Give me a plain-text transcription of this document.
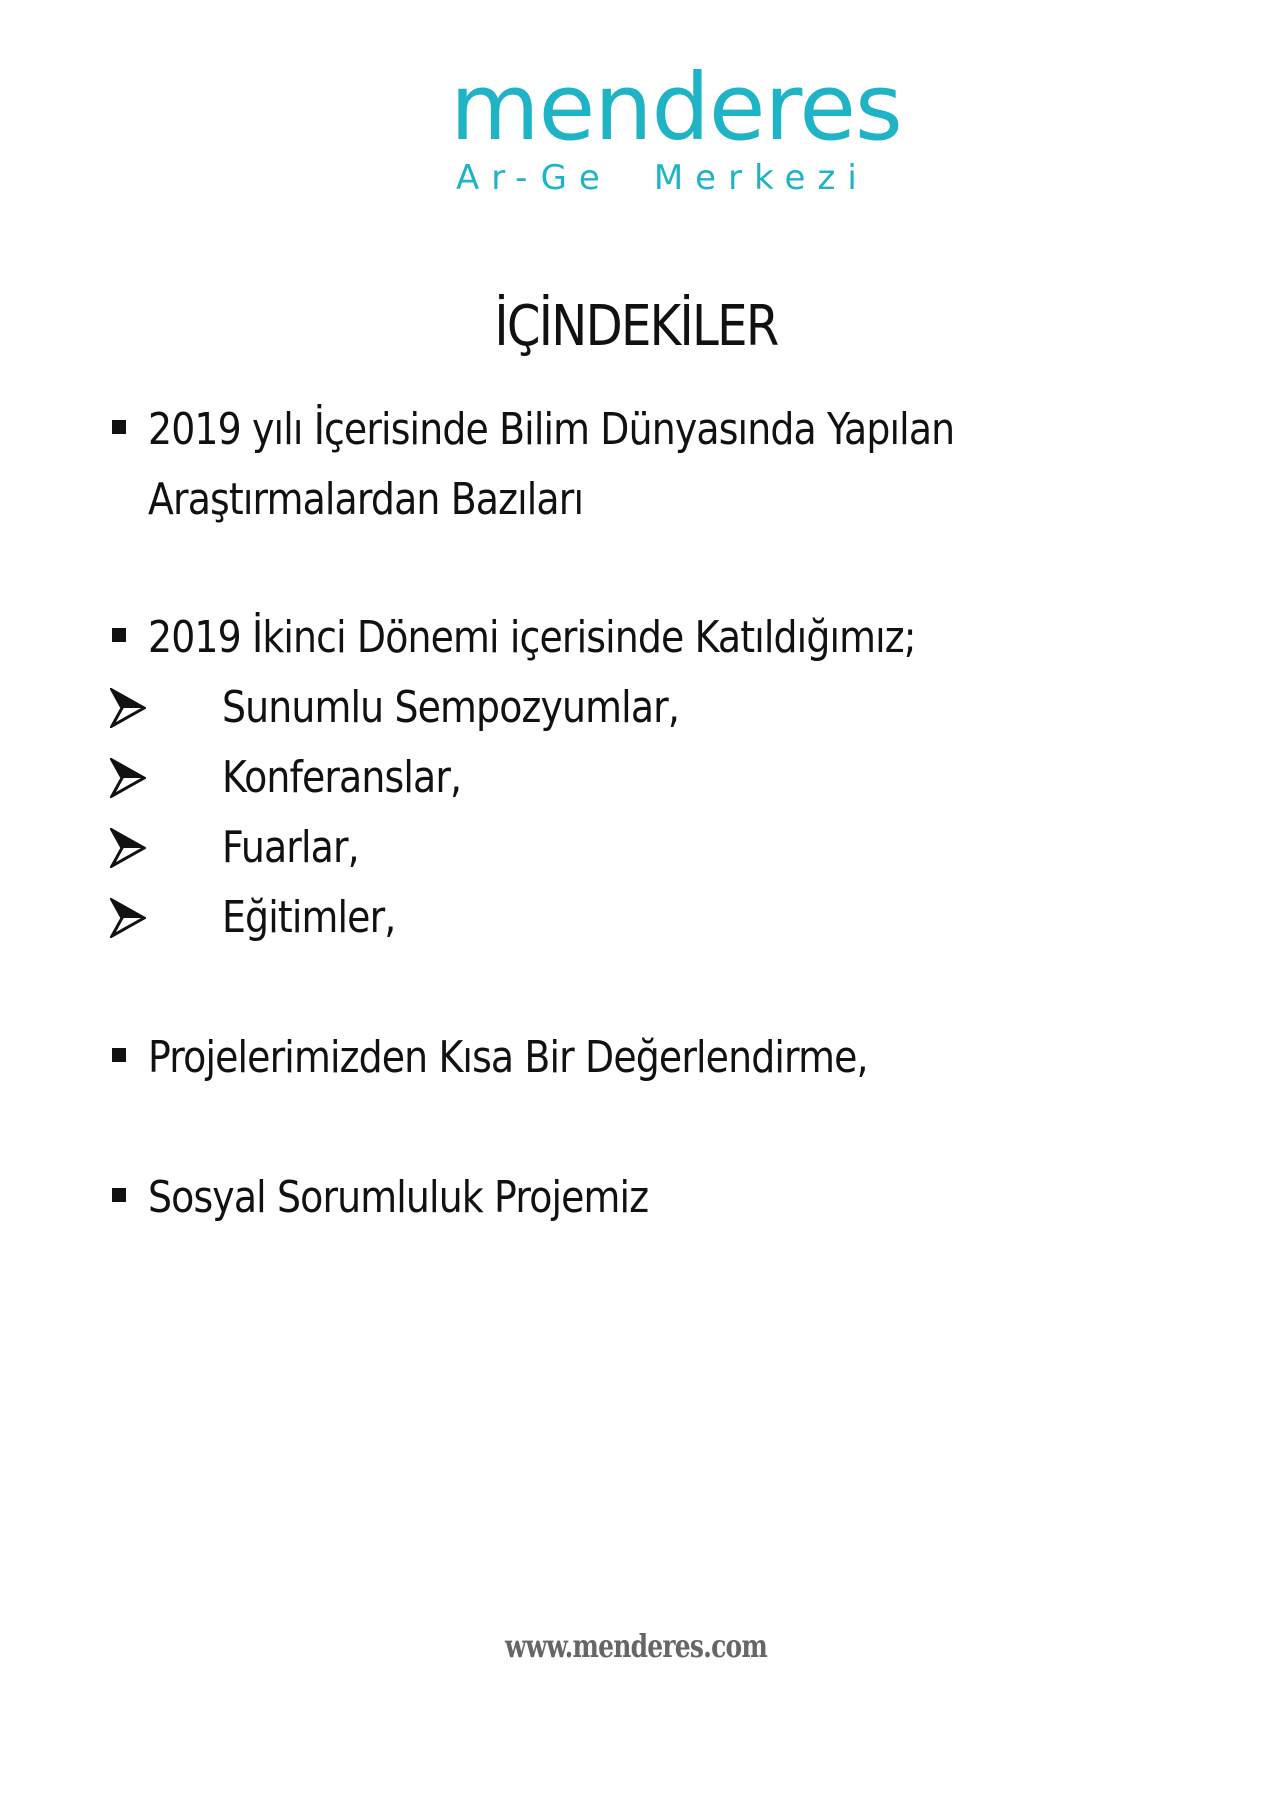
menderes
Ar-Ge Merkezi
İÇİNDEKİLER
2019 yılı İçerisinde Bilim Dünyasında Yapılan
Araştırmalardan Bazıları
2019 İkinci Dönemi içerisinde Katıldığımız;
Sunumlu Sempozyumlar,
Konferanslar,
Fuarlar,
Eğitimler,
Projelerimizden Kısa Bir Değerlendirme,
Sosyal Sorumluluk Projemiz
www.menderes.com
